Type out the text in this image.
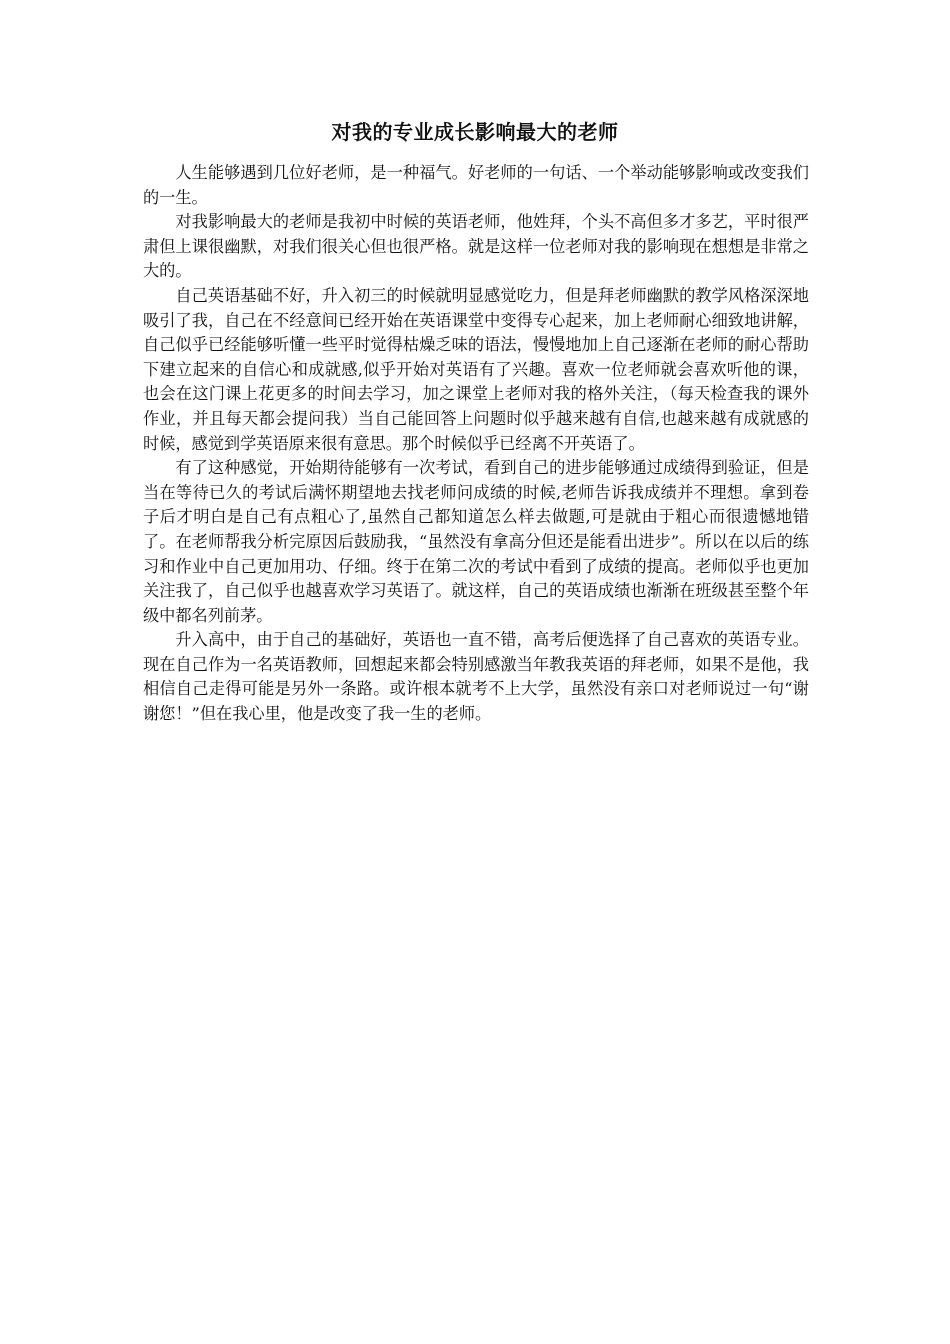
对我的专业成长影响最大的老师

人生能够遇到几位好老师，是一种福气。好老师的一句话、一个举动能够影响或改变我们的一生。

对我影响最大的老师是我初中时候的英语老师，他姓拜，个头不高但多才多艺，平时很严肃但上课很幽默，对我们很关心但也很严格。就是这样一位老师对我的影响现在想想是非常之大的。

自己英语基础不好，升入初三的时候就明显感觉吃力，但是拜老师幽默的教学风格深深地吸引了我，自己在不经意间已经开始在英语课堂中变得专心起来，加上老师耐心细致地讲解，自己似乎已经能够听懂一些平时觉得枯燥乏味的语法，慢慢地加上自己逐渐在老师的耐心帮助下建立起来的自信心和成就感,似乎开始对英语有了兴趣。喜欢一位老师就会喜欢听他的课，也会在这门课上花更多的时间去学习，加之课堂上老师对我的格外关注，（每天检查我的课外作业，并且每天都会提问我）当自己能回答上问题时似乎越来越有自信,也越来越有成就感的时候，感觉到学英语原来很有意思。那个时候似乎已经离不开英语了。

有了这种感觉，开始期待能够有一次考试，看到自己的进步能够通过成绩得到验证，但是当在等待已久的考试后满怀期望地去找老师问成绩的时候,老师告诉我成绩并不理想。拿到卷子后才明白是自己有点粗心了,虽然自己都知道怎么样去做题,可是就由于粗心而很遗憾地错了。在老师帮我分析完原因后鼓励我，“虽然没有拿高分但还是能看出进步”。所以在以后的练习和作业中自己更加用功、仔细。终于在第二次的考试中看到了成绩的提高。老师似乎也更加关注我了，自己似乎也越喜欢学习英语了。就这样，自己的英语成绩也渐渐在班级甚至整个年级中都名列前茅。

升入高中，由于自己的基础好，英语也一直不错，高考后便选择了自己喜欢的英语专业。现在自己作为一名英语教师，回想起来都会特别感激当年教我英语的拜老师，如果不是他，我相信自己走得可能是另外一条路。或许根本就考不上大学，虽然没有亲口对老师说过一句“谢谢您！”但在我心里，他是改变了我一生的老师。
